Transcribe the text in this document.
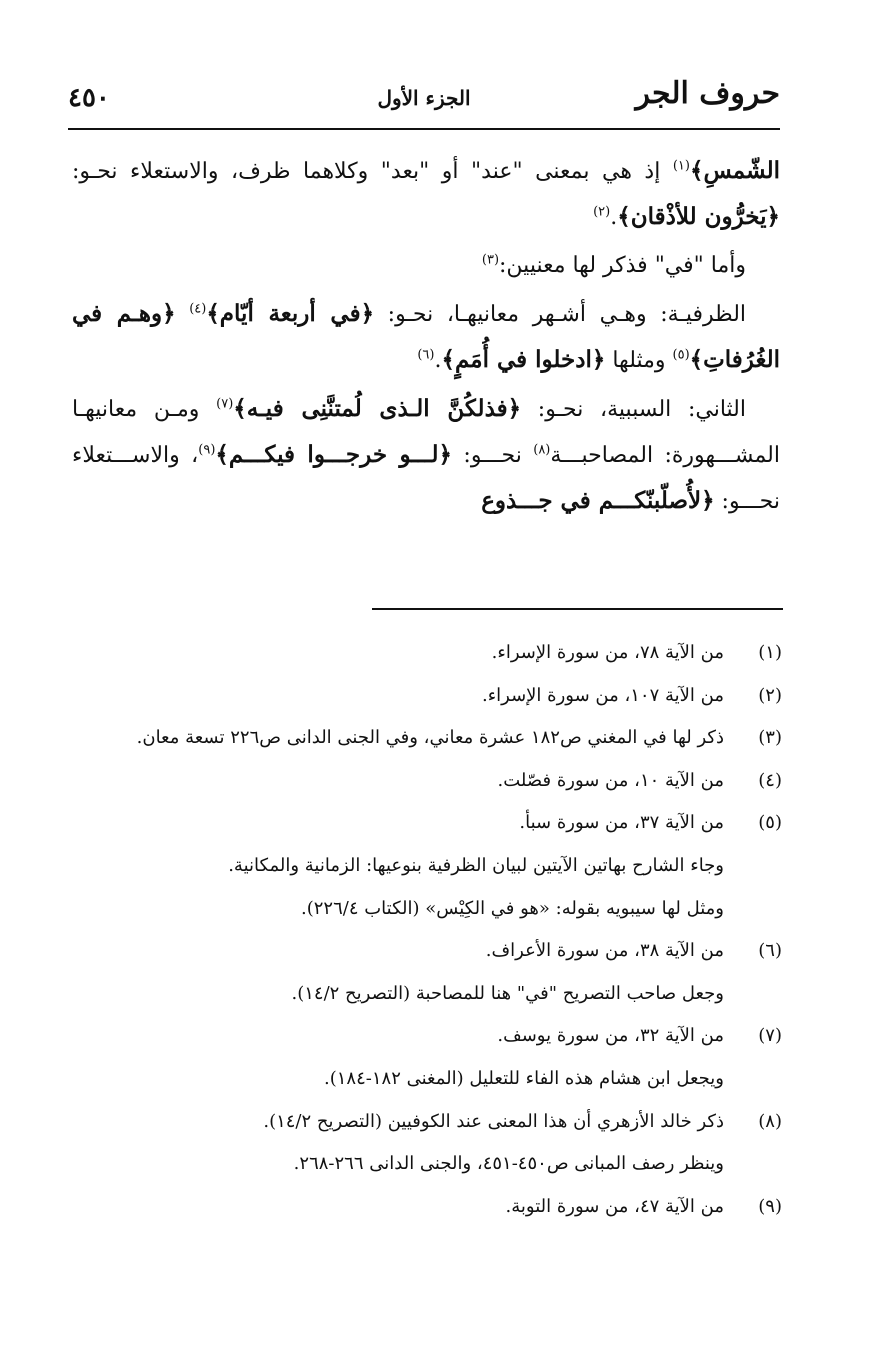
حروف الجر
الجزء الأول
٤٥٠

الشّمسِ﴾$^{(١)}$ إذ هي بمعنى "عند" أو "بعد" وكلاهما ظرف، والاستعلاء نحـو: ﴿يَخرُّون للأذْقان﴾.$^{(٢)}$

وأما "في" فذكر لها معنيين:$^{(٣)}$

الظرفيـة: وهـي أشـهر معانيهـا، نحـو: ﴿في أربعة أيّام﴾$^{(٤)}$ ﴿وهـم في الغُرُفاتِ﴾$^{(٥)}$ ومثلها ﴿ادخلوا في أُمَمٍ﴾.$^{(٦)}$

الثاني: السببية، نحـو: ﴿فذلكُنَّ الـذى لُمتنَّنِى فيـه﴾$^{(٧)}$ ومـن معانيهـا المشـــهورة: المصاحبـــة$^{(٨)}$ نحـــو: ﴿لـــو خرجـــوا فيكـــم﴾$^{(٩)}$، والاســـتعلاء نحـــو: ﴿لأُصلّبنّكـــم في جـــذوع

(١)
من الآية ٧٨، من سورة الإسراء.
(٢)
من الآية ١٠٧، من سورة الإسراء.
(٣)
ذكر لها في المغني ص١٨٢ عشرة معاني، وفي الجنى الدانى ص٢٢٦ تسعة معان.
(٤)
من الآية ١٠، من سورة فصّلت.
(٥)
من الآية ٣٧، من سورة سبأ.
وجاء الشارح بهاتين الآيتين لبيان الظرفية بنوعيها: الزمانية والمكانية.
ومثل لها سيبويه بقوله: «هو في الكِيْس» (الكتاب ٢٢٦/٤).
(٦)
من الآية ٣٨، من سورة الأعراف.
وجعل صاحب التصريح "في" هنا للمصاحبة (التصريح ١٤/٢).
(٧)
من الآية ٣٢، من سورة يوسف.
ويجعل ابن هشام هذه الفاء للتعليل (المغنى ١٨٢-١٨٤).
(٨)
ذكر خالد الأزهري أن هذا المعنى عند الكوفيين (التصريح ١٤/٢).
وينظر رصف المبانى ص٤٥٠-٤٥١، والجنى الدانى ٢٦٦-٢٦٨.
(٩)
من الآية ٤٧، من سورة التوبة.
